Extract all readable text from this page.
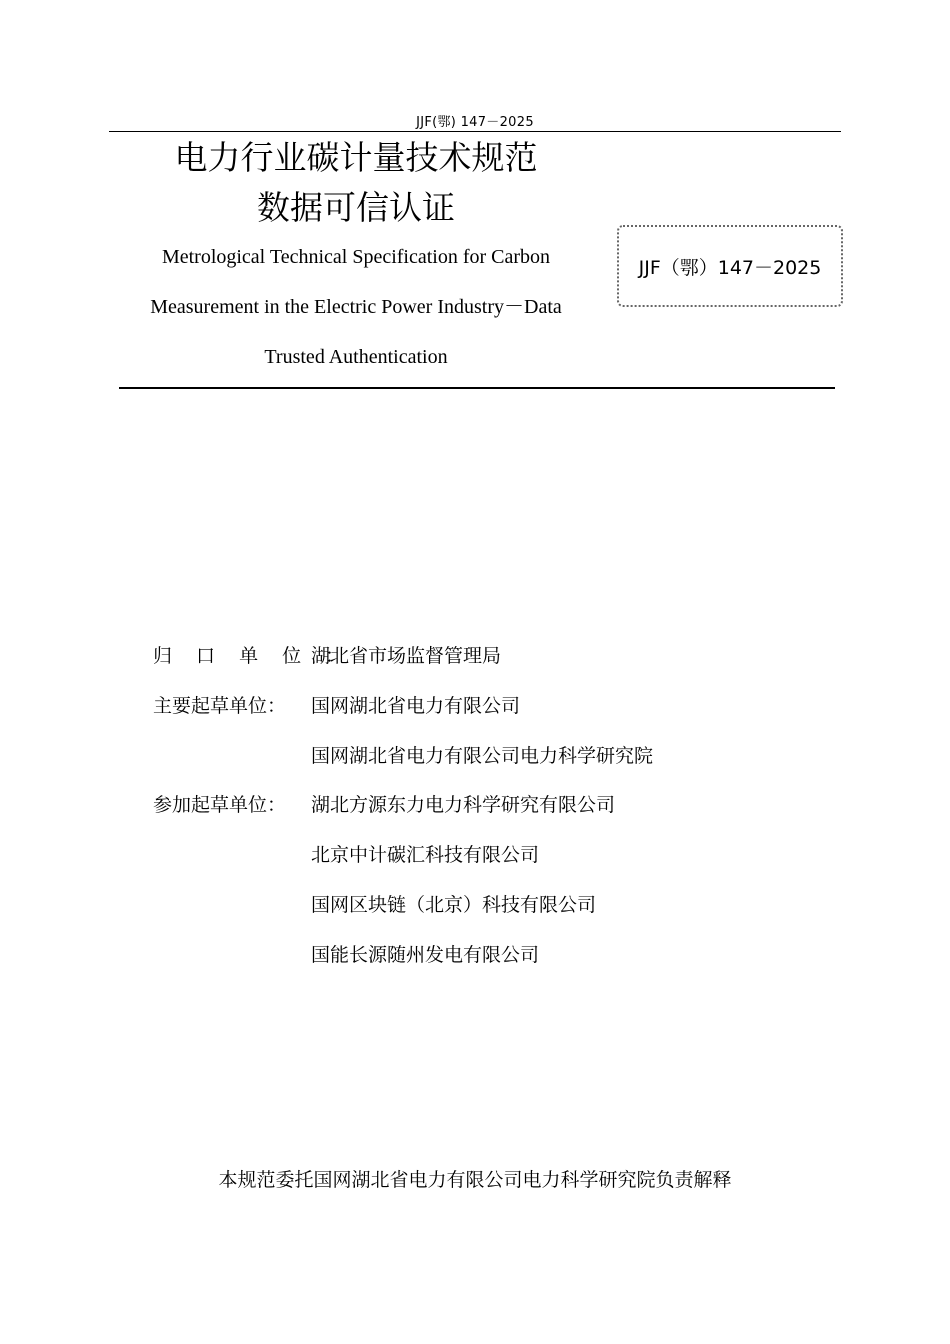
JJF(鄂) 147－2025
电力行业碳计量技术规范
数据可信认证
Metrological Technical Specification for Carbon
Measurement in the Electric Power Industry－Data
Trusted Authentication
JJF（鄂）147－2025
归 口 单 位 ：
湖北省市场监督管理局
主要起草单位：	国网湖北省电力有限公司
国网湖北省电力有限公司电力科学研究院
参加起草单位：	湖北方源东力电力科学研究有限公司
北京中计碳汇科技有限公司
国网区块链（北京）科技有限公司
国能长源随州发电有限公司
本规范委托国网湖北省电力有限公司电力科学研究院负责解释
